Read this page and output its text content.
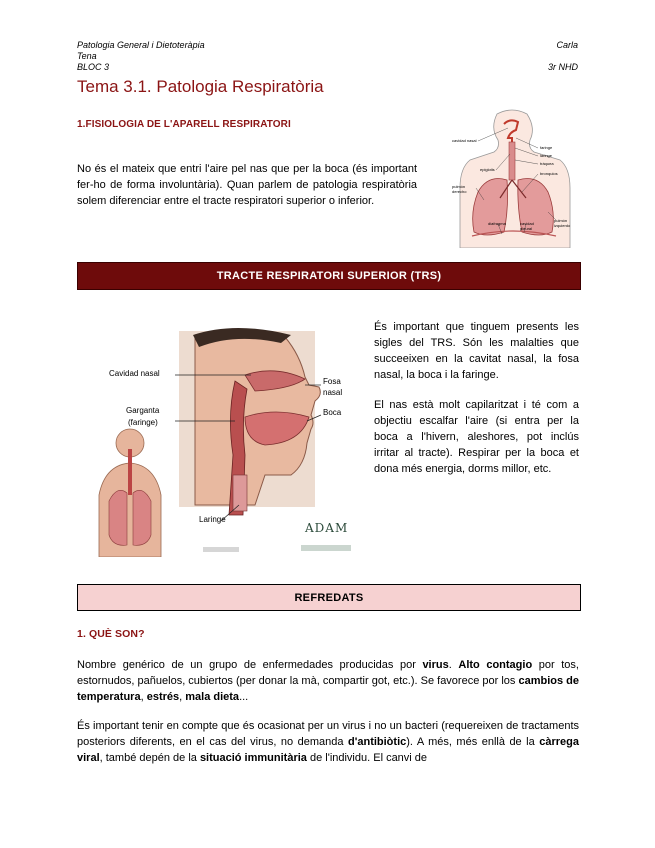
Patologia General i Dietoteràpia
Tena
BLOC 3
Carla

3r NHD
Tema 3.1. Patologia Respiratòria
1.FISIOLOGIA DE L'APARELL RESPIRATORI
No és el mateix que entri l'aire pel nas que per la boca (és important fer-ho de forma involuntària). Quan parlem de patologia respiratòria solem diferenciar entre el tracte respiratori superior o inferior.
cavidad nasal
faringe
laringe
tráquea
epiglotis
pulmón derecho
bronquios
diafragma	cavidad pleural
pulmón izquierdo
TRACTE RESPIRATORI SUPERIOR (TRS)
Cavidad nasal
Garganta
(faringe)
Fosa
nasal
Boca
Laringe
ADAM
És important que tinguem presents les sigles del TRS. Són les malalties que succeeixen en la cavitat nasal, la fosa nasal, la boca i la faringe.
El nas està molt capilaritzat i té com a objectiu escalfar l'aire (si entra per la boca a l'hivern, aleshores, pot inclús irritar al tracte). Respirar per la boca et dona més energia, dorms millor, etc.
REFREDATS
1. QUÈ SON?
Nombre genérico de un grupo de enfermedades producidas por virus. Alto contagio por tos, estornudos, pañuelos, cubiertos (per donar la mà, compartir got, etc.). Se favorece por los cambios de temperatura, estrés, mala dieta...
És important tenir en compte que és ocasionat per un virus i no un bacteri (requereixen de tractaments posteriors diferents, en el cas del virus, no demanda d'antibiòtic). A més, més enllà de la càrrega viral, també depén de la situació immunitària de l'individu. El canvi de
